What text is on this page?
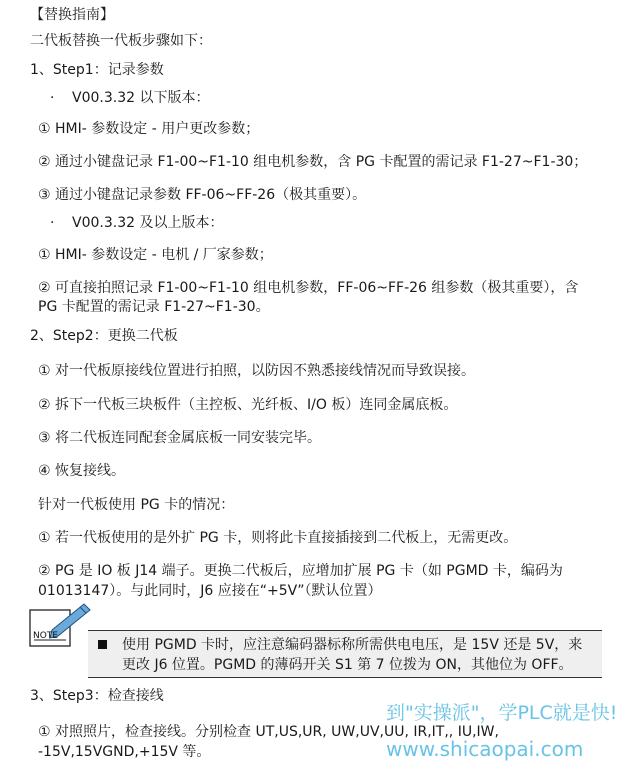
【替换指南】
二代板替换一代板步骤如下：
1、Step1：记录参数
· V00.3.32 以下版本：
① HMI- 参数设定 - 用户更改参数；
② 通过小键盘记录 F1-00~F1-10 组电机参数，含 PG 卡配置的需记录 F1-27~F1-30；
③ 通过小键盘记录参数 FF-06~FF-26（极其重要）。
· V00.3.32 及以上版本：
① HMI- 参数设定 - 电机 / 厂家参数；
② 可直接拍照记录 F1-00~F1-10 组电机参数，FF-06~FF-26 组参数（极其重要），含
PG 卡配置的需记录 F1-27~F1-30。
2、Step2：更换二代板
① 对一代板原接线位置进行拍照，以防因不熟悉接线情况而导致误接。
② 拆下一代板三块板件（主控板、光纤板、I/O 板）连同金属底板。
③ 将二代板连同配套金属底板一同安装完毕。
④ 恢复接线。
针对一代板使用 PG 卡的情况：
① 若一代板使用的是外扩 PG 卡，则将此卡直接插接到二代板上，无需更改。
② PG 是 IO 板 J14 端子。更换二代板后，应增加扩展 PG 卡（如 PGMD 卡，编码为
01013147）。与此同时，J6 应接在“+5V”（默认位置）
NOTE
使用 PGMD 卡时，应注意编码器标称所需供电电压，是 15V 还是 5V，来更改 J6 位置。PGMD 的薄码开关 S1 第 7 位拨为 ON，其他位为 OFF。
3、Step3：检查接线
① 对照照片，检查接线。分别检查 UT,US,UR, UW,UV,UU, IR,IT,, IU,IW,
-15V,15VGND,+15V 等。
到"实操派"，学PLC就是快!
www.shicaopai.com
